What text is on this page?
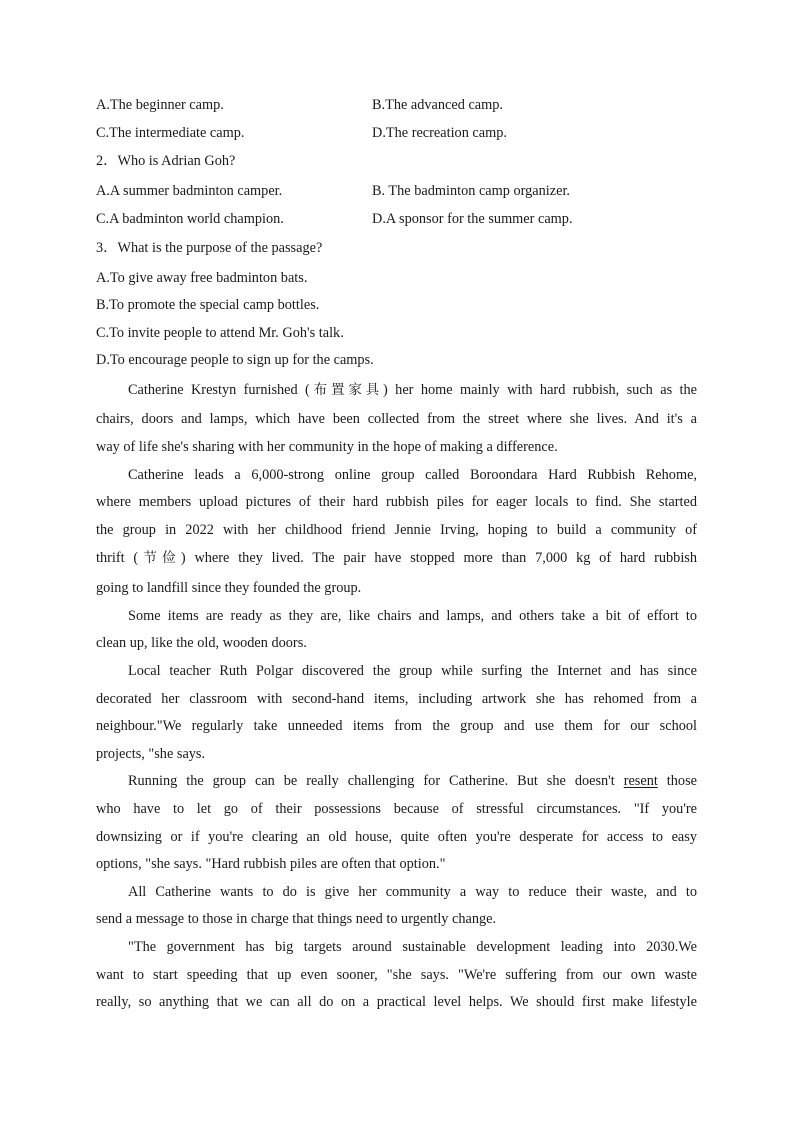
A.The beginner camp.	B.The advanced camp.
C.The intermediate camp.	D.The recreation camp.
2．Who is Adrian Goh?
A.A summer badminton camper.	B. The badminton camp organizer.
C.A badminton world champion.	D.A sponsor for the summer camp.
3．What is the purpose of the passage?
A.To give away free badminton bats.
B.To promote the special camp bottles.
C.To invite people to attend Mr. Goh's talk.
D.To encourage people to sign up for the camps.
Catherine Krestyn furnished (布置家具) her home mainly with hard rubbish, such as the
chairs, doors and lamps, which have been collected from the street where she lives. And it's a
way of life she's sharing with her community in the hope of making a difference.
Catherine leads a 6,000-strong online group called Boroondara Hard Rubbish Rehome,
where members upload pictures of their hard rubbish piles for eager locals to find. She started
the group in 2022 with her childhood friend Jennie Irving, hoping to build a community of
thrift (节俭) where they lived. The pair have stopped more than 7,000 kg of hard rubbish
going to landfill since they founded the group.
Some items are ready as they are, like chairs and lamps, and others take a bit of effort to
clean up, like the old, wooden doors.
Local teacher Ruth Polgar discovered the group while surfing the Internet and has since
decorated her classroom with second-hand items, including artwork she has rehomed from a
neighbour."We regularly take unneeded items from the group and use them for our school
projects, "she says.
Running the group can be really challenging for Catherine. But she doesn't resent those
who have to let go of their possessions because of stressful circumstances. "If you're
downsizing or if you're clearing an old house, quite often you're desperate for access to easy
options, "she says. "Hard rubbish piles are often that option."
All Catherine wants to do is give her community a way to reduce their waste, and to
send a message to those in charge that things need to urgently change.
"The government has big targets around sustainable development leading into 2030.We
want to start speeding that up even sooner, "she says. "We're suffering from our own waste
really, so anything that we can all do on a practical level helps. We should first make lifestyle
